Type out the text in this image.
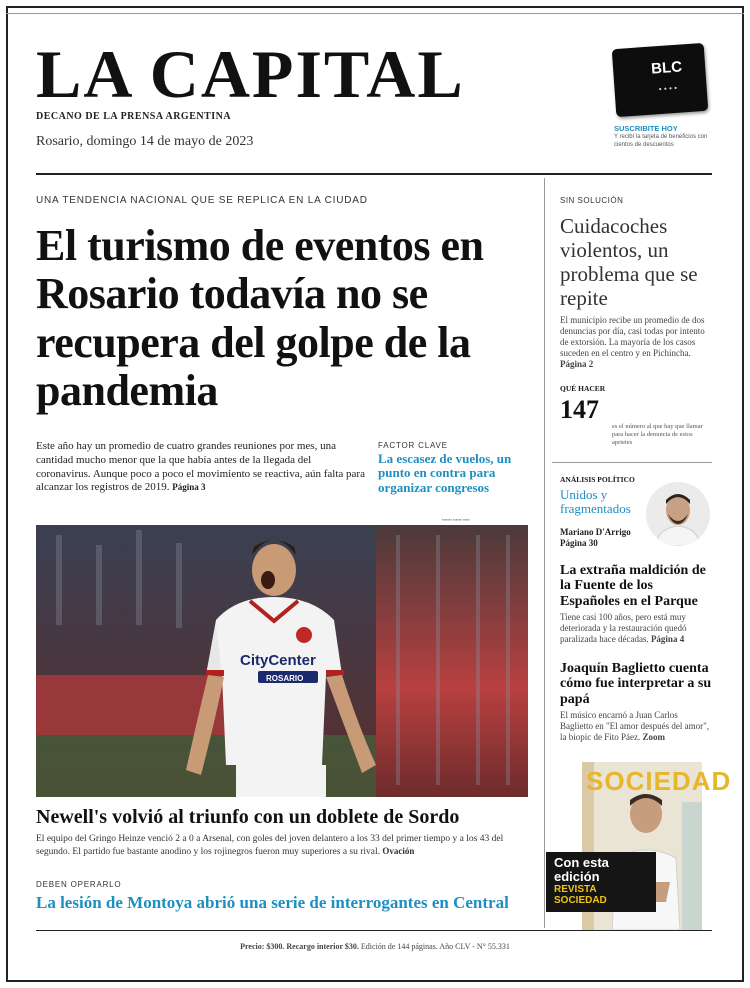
LA CAPITAL
DECANO DE LA PRENSA ARGENTINA
Rosario, domingo 14 de mayo de 2023
BLC
••••
SUSCRIBITE HOY
Y recibí la tarjeta de beneficios con cientos de descuentos
UNA TENDENCIA NACIONAL QUE SE REPLICA EN LA CIUDAD
El turismo de eventos en Rosario todavía no se recupera del golpe de la pandemia
Este año hay un promedio de cuatro grandes reuniones por mes, una cantidad mucho menor que la que había antes de la llegada del coronavirus. Aunque poco a poco el movimiento se reactiva, aún falta para alcanzar los registros de 2019. Página 3
FACTOR CLAVE
La escasez de vuelos, un punto en contra para organizar congresos
▪▪▪▪▪▪▪ ▪▪▪▪▪▪ ▪▪▪▪▪
CityCenter
ROSARIO
Newell's volvió al triunfo con un doblete de Sordo
El equipo del Gringo Heinze venció 2 a 0 a Arsenal, con goles del joven delantero a los 33 del primer tiempo y a los 43 del segundo. El partido fue bastante anodino y los rojinegros fueron muy superiores a su rival. Ovación
DEBEN OPERARLO
La lesión de Montoya abrió una serie de interrogantes en Central
Precio: $300. Recargo interior $30. Edición de 144 páginas. Año CLV - N° 55.331
SIN SOLUCIÓN
Cuidacoches violentos, un problema que se repite
El municipio recibe un promedio de dos denuncias por día, casi todas por intento de extorsión. La mayoría de los casos suceden en el centro y en Pichincha. Página 2
QUÉ HACER
147
es el número al que hay que llamar para hacer la denuncia de estos aprietes
ANÁLISIS POLÍTICO
Unidos y fragmentados
Mariano D'Arrigo
Página 30
La extraña maldición de la Fuente de los Españoles en el Parque
Tiene casi 100 años, pero está muy deteriorada y la restauración quedó paralizada hace décadas. Página 4
Joaquín Baglietto cuenta cómo fue interpretar a su papá
El músico encarnó a Juan Carlos Baglietto en "El amor después del amor", la biopic de Fito Páez. Zoom
SOCIEDAD
Con esta edición
REVISTA SOCIEDAD
